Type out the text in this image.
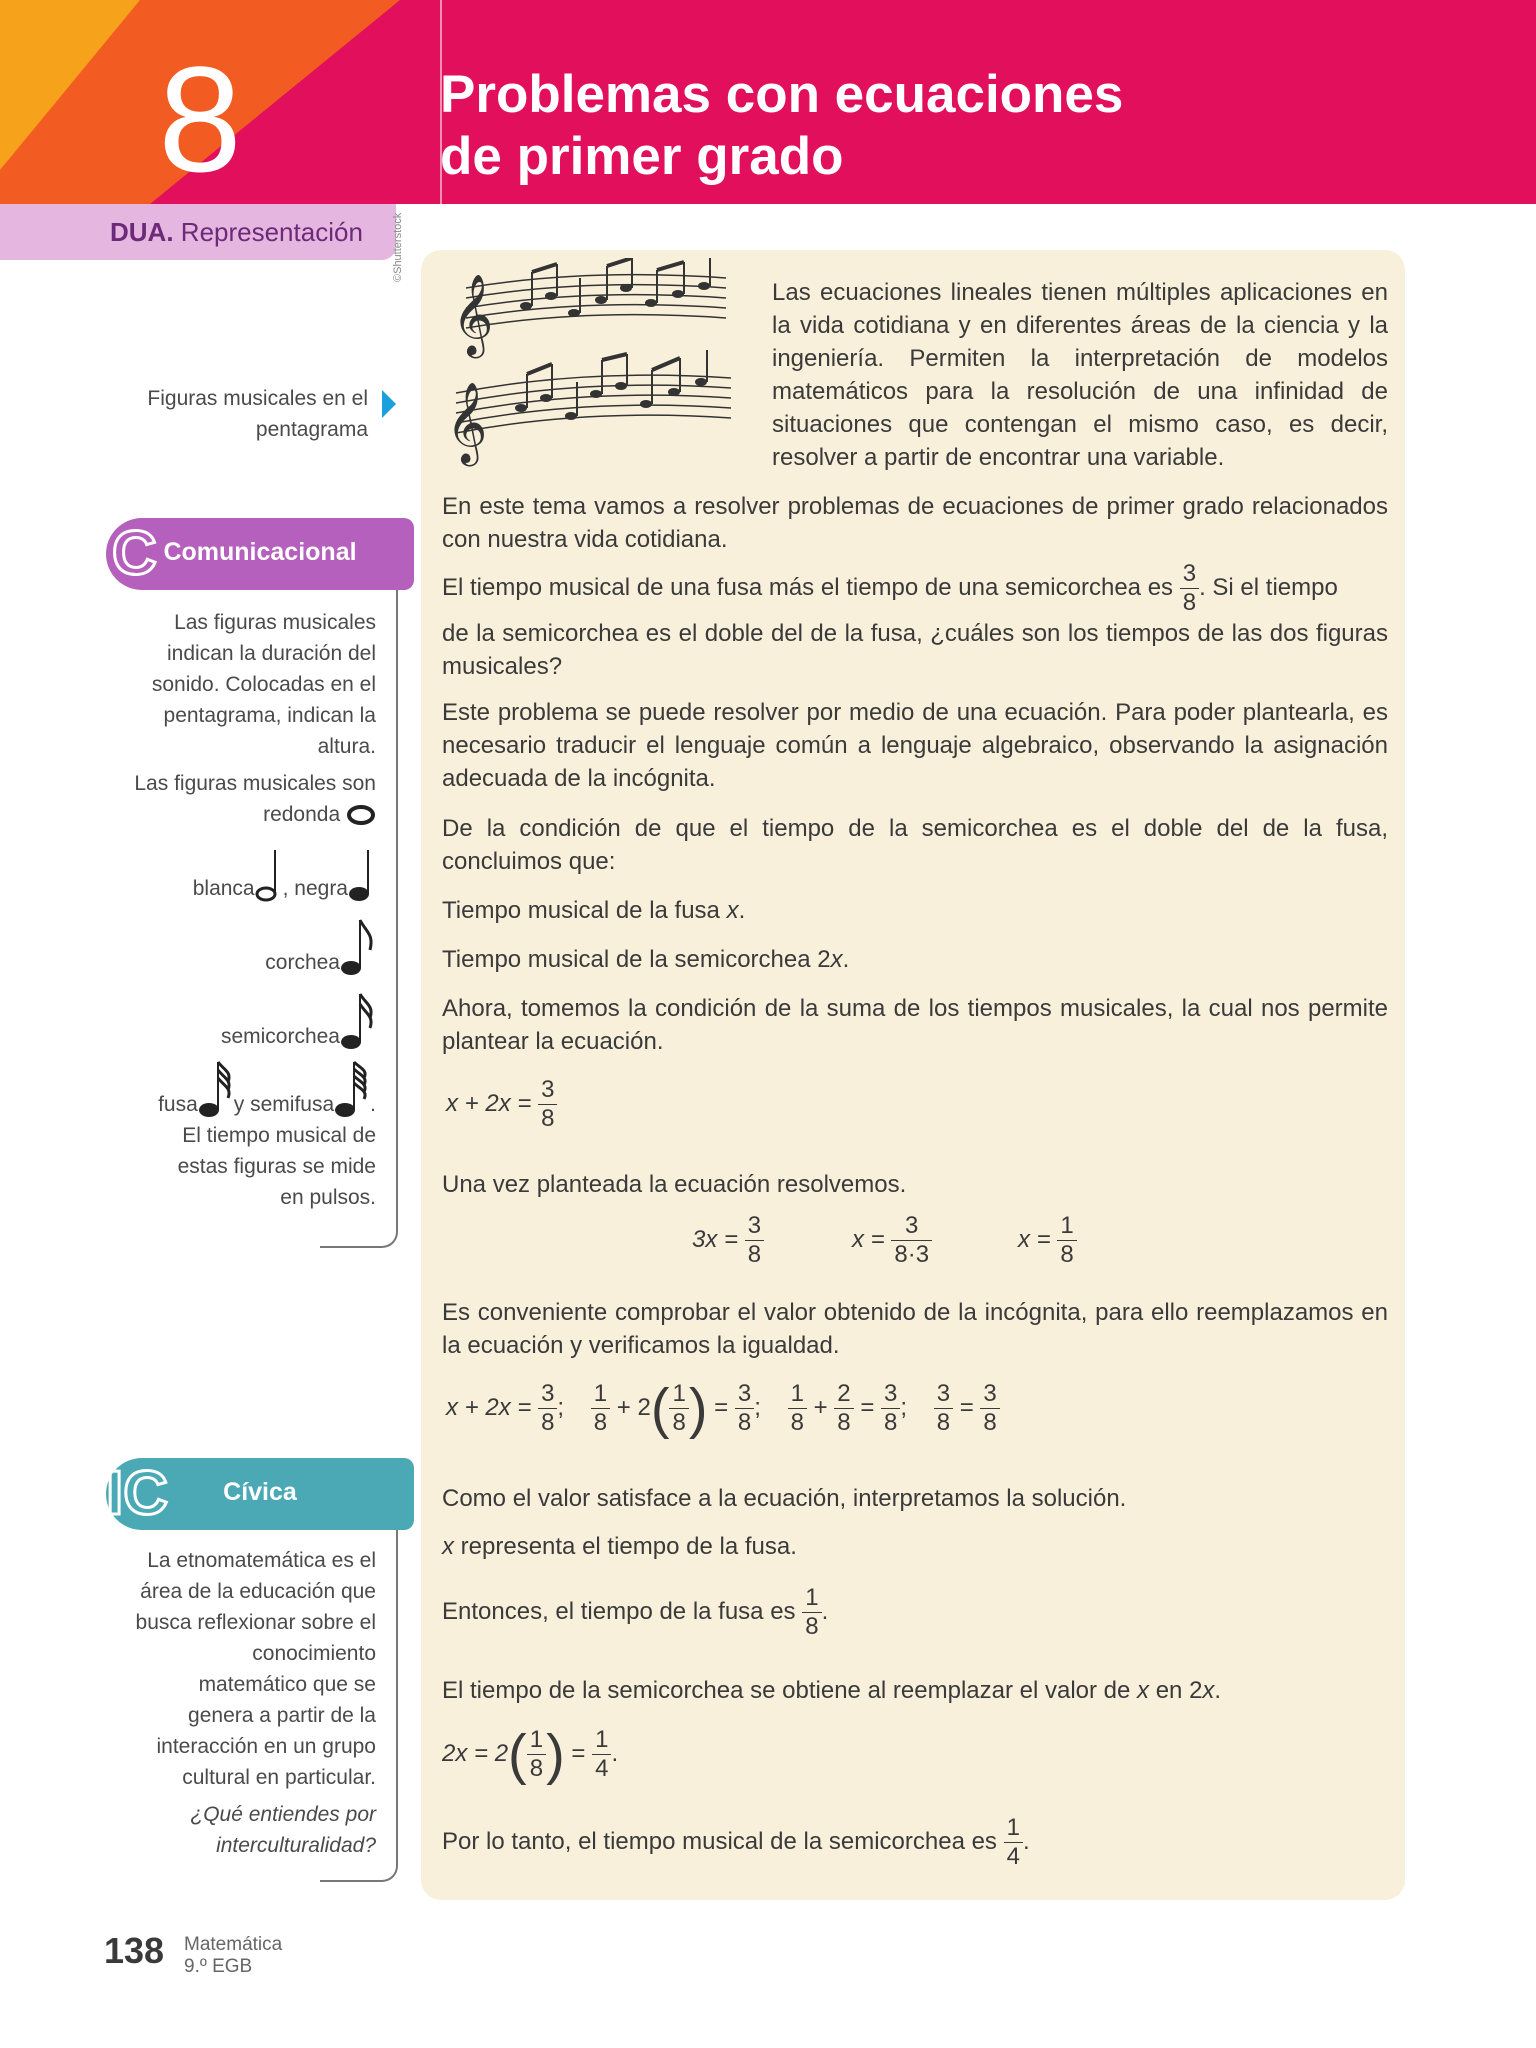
8	Problemas con ecuaciones
de primer grado
DUA. Representación	©Shutterstock
Figuras musicales en el
pentagrama
C Comunicacional
Las figuras musicales
indican la duración del
sonido. Colocadas en el
pentagrama, indican la
altura.
Las figuras musicales son
redonda
blanca , negra
corchea
semicorchea
fusa y semifusa .
El tiempo musical de
estas figuras se mide
en pulsos.
IC	Cívica
La etnomatemática es el
área de la educación que
busca reflexionar sobre el
conocimiento
matemático que se
genera a partir de la
interacción en un grupo
cultural en particular.
¿Qué entiendes por
interculturalidad?
𝄞
𝄞
Las ecuaciones lineales tienen múltiples aplicaciones en la vida cotidiana y en diferentes áreas de la ciencia y la ingeniería. Permiten la interpretación de modelos matemáticos para la resolución de una infinidad de situaciones que contengan el mismo caso, es decir, resolver a partir de encontrar una variable.
En este tema vamos a resolver problemas de ecuaciones de primer grado relacionados con nuestra vida cotidiana.
El tiempo musical de una fusa más el tiempo de una semicorchea es $\frac{3}{8}$ . Si el tiempo
de la semicorchea es el doble del de la fusa, ¿cuáles son los tiempos de las dos figuras musicales?
Este problema se puede resolver por medio de una ecuación. Para poder plantearla, es necesario traducir el lenguaje común a lenguaje algebraico, observando la asignación adecuada de la incógnita.
De la condición de que el tiempo de la semicorchea es el doble del de la fusa, concluimos que:
Tiempo musical de la fusa x.
Tiempo musical de la semicorchea 2x.
Ahora, tomemos la condición de la suma de los tiempos musicales, la cual nos permite plantear la ecuación.
$x + 2x = \frac{3}{8}$
Una vez planteada la ecuación resolvemos.
$3x = \frac{3}{8}$	$x = \frac{3}{8\cdot 3}$	$x = \frac{1}{8}$
Es conveniente comprobar el valor obtenido de la incógnita, para ello reemplazamos en la ecuación y verificamos la igualdad.
$x + 2x = \frac{3}{8}$ ; $\frac{1}{8} + 2( \frac{1}{8}$ ) = $\frac{3}{8}$ ; $\frac{1}{8} + \frac{2}{8} = \frac{3}{8}$ ; $\frac{3}{8} = \frac{3}{8}$
Como el valor satisface a la ecuación, interpretamos la solución.
x representa el tiempo de la fusa.
Entonces, el tiempo de la fusa es $\frac{1}{8}$ .
El tiempo de la semicorchea se obtiene al reemplazar el valor de x en 2x.
$2x = 2( \frac{1}{8}$ ) = $\frac{1}{4}$ .
Por lo tanto, el tiempo musical de la semicorchea es $\frac{1}{4}$ .
138 Matemática
9.º EGB
